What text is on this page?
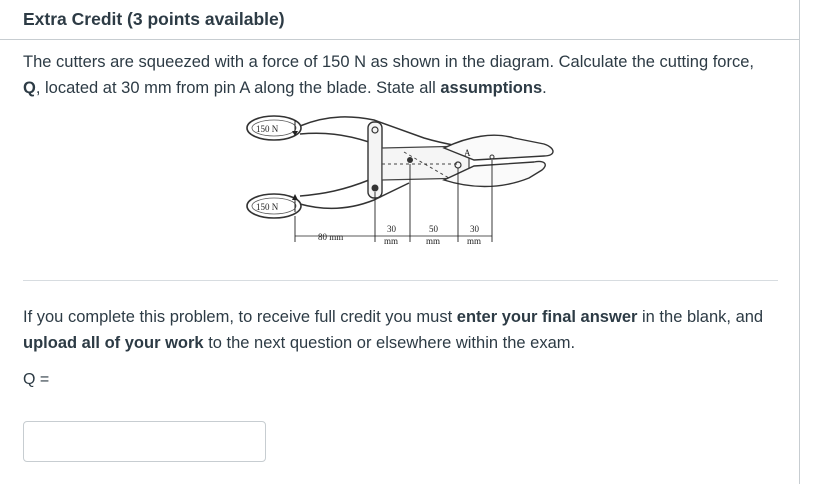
Extra Credit (3 points available)
The cutters are squeezed with a force of 150 N as shown in the diagram. Calculate the cutting force, Q, located at 30 mm from pin A along the blade. State all assumptions.
A
150 N
150 N
80 mm
30
mm
50
mm
30
mm
If you complete this problem, to receive full credit you must enter your final answer in the blank, and upload all of your work to the next question or elsewhere within the exam.
Q =
